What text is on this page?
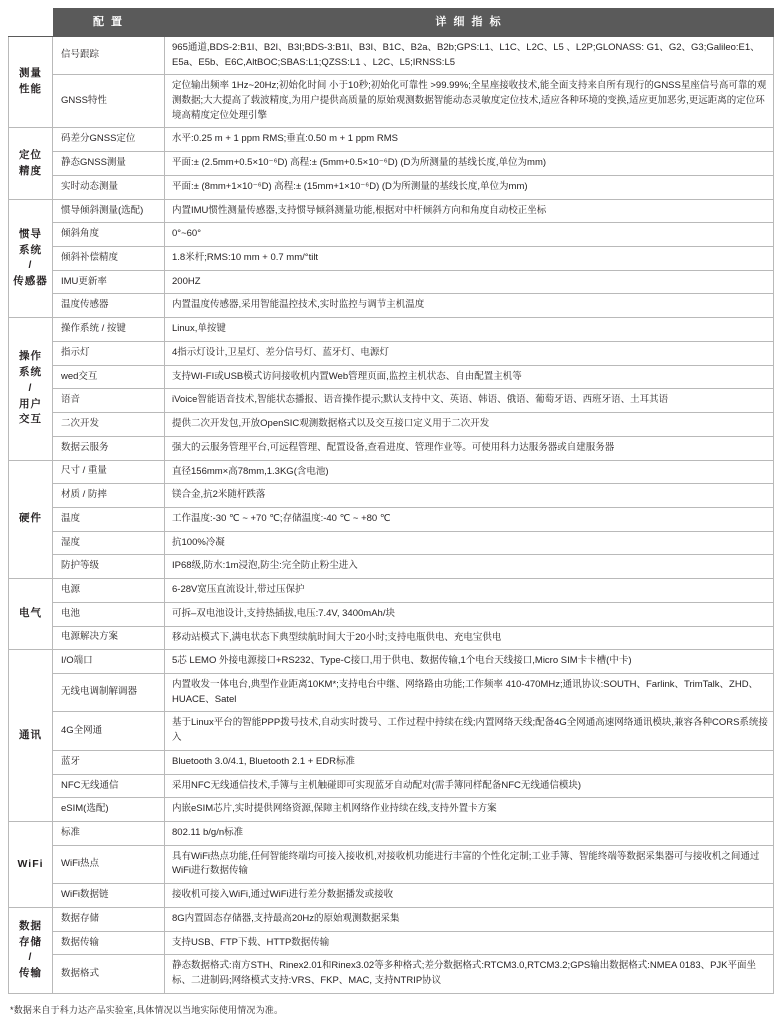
	配 置	详 细 指 标
测量
性能	信号跟踪	965通道,BDS-2:B1I、B2I、B3I;BDS-3:B1I、B3I、B1C、B2a、B2b;GPS:L1、L1C、L2C、L5 、L2P;GLONASS: G1、G2、G3;Galileo:E1、E5a、E5b、E6C,AltBOC;SBAS:L1;QZSS:L1 、L2C、L5;IRNSS:L5
	GNSS特性	定位输出频率 1Hz~20Hz;初始化时间 小于10秒;初始化可靠性 >99.99%;全星座接收技术,能全面支持来自所有现行的GNSS星座信号高可靠的观测数据;大大提高了载波精度,为用户提供高质量的原始观测数据智能动态灵敏度定位技术,适应各种环境的变换,适应更加恶劣,更远距离的定位环境高精度定位处理引擎
定位
精度	码差分GNSS定位	水平:0.25 m + 1 ppm RMS;垂直:0.50 m + 1 ppm RMS
	静态GNSS测量	平面:± (2.5mm+0.5×10⁻⁶D) 高程:± (5mm+0.5×10⁻⁶D) (D为所测量的基线长度,单位为mm)
	实时动态测量	平面:± (8mm+1×10⁻⁶D) 高程:± (15mm+1×10⁻⁶D) (D为所测量的基线长度,单位为mm)
惯导
系统
/
传感器	惯导倾斜测量(选配)	内置IMU惯性测量传感器,支持惯导倾斜测量功能,根据对中杆倾斜方向和角度自动校正坐标
	倾斜角度	0°~60°
	倾斜补偿精度	1.8米杆;RMS:10 mm + 0.7 mm/°tilt
	IMU更新率	200HZ
	温度传感器	内置温度传感器,采用智能温控技术,实时监控与调节主机温度
操作
系统
/
用户
交互	操作系统 / 按键	Linux,单按键
	指示灯	4指示灯设计,卫星灯、差分信号灯、蓝牙灯、电源灯
	wed交互	支持WI-FI或USB模式访问接收机内置Web管理页面,监控主机状态、自由配置主机等
	语音	iVoice智能语音技术,智能状态播报、语音操作提示;默认支持中文、英语、韩语、俄语、葡萄牙语、西班牙语、土耳其语
	二次开发	提供二次开发包,开放OpenSIC观测数据格式以及交互接口定义用于二次开发
	数据云服务	强大的云服务管理平台,可远程管理、配置设备,查看进度、管理作业等。可使用科力达服务器或自建服务器
硬件	尺寸 / 重量	直径156mm×高78mm,1.3KG(含电池)
	材质 / 防摔	镁合金,抗2米随杆跌落
	温度	工作温度:-30 ℃ ~ +70 ℃;存储温度:-40 ℃ ~ +80 ℃
	湿度	抗100%冷凝
	防护等级	IP68级,防水:1m浸泡,防尘:完全防止粉尘进入
电气	电源	6-28V宽压直流设计,带过压保护
	电池	可拆–双电池设计,支持热插拔,电压:7.4V, 3400mAh/块
	电源解决方案	移动站模式下,满电状态下典型续航时间大于20小时;支持电瓶供电、充电宝供电
通讯	I/O端口	5芯 LEMO 外接电源接口+RS232、Type-C接口,用于供电、数据传输,1个电台天线接口,Micro SIM卡卡槽(中卡)
	无线电调制解调器	内置收发一体电台,典型作业距离10KM*;支持电台中继、网络路由功能;工作频率 410-470MHz;通讯协议:SOUTH、Farlink、TrimTalk、ZHD、HUACE、Satel
	4G全网通	基于Linux平台的智能PPP拨号技术,自动实时拨号、工作过程中持续在线;内置网络天线;配备4G全网通高速网络通讯模块,兼容各种CORS系统接入
	蓝牙	Bluetooth 3.0/4.1, Bluetooth 2.1 + EDR标准
	NFC无线通信	采用NFC无线通信技术,手簿与主机触碰即可实现蓝牙自动配对(需手簿同样配备NFC无线通信模块)
	eSIM(选配)	内嵌eSIM芯片,实时提供网络资源,保障主机网络作业持续在线,支持外置卡方案
WiFi	标准	802.11 b/g/n标准
	WiFi热点	具有WiFi热点功能,任何智能终端均可接入接收机,对接收机功能进行丰富的个性化定制;工业手簿、智能终端等数据采集器可与接收机之间通过WiFi进行数据传输
	WiFi数据链	接收机可接入WiFi,通过WiFi进行差分数据播发或接收
数据
存储
/
传输	数据存储	8G内置固态存储器,支持最高20Hz的原始观测数据采集
	数据传输	支持USB、FTP下载、HTTP数据传输
	数据格式	静态数据格式:南方STH、Rinex2.01和Rinex3.02等多种格式;差分数据格式:RTCM3.0,RTCM3.2;GPS输出数据格式:NMEA 0183、PJK平面坐标、二进制码;网络模式支持:VRS、FKP、MAC, 支持NTRIP协议
*数据来自于科力达产品实验室,具体情况以当地实际使用情况为准。
